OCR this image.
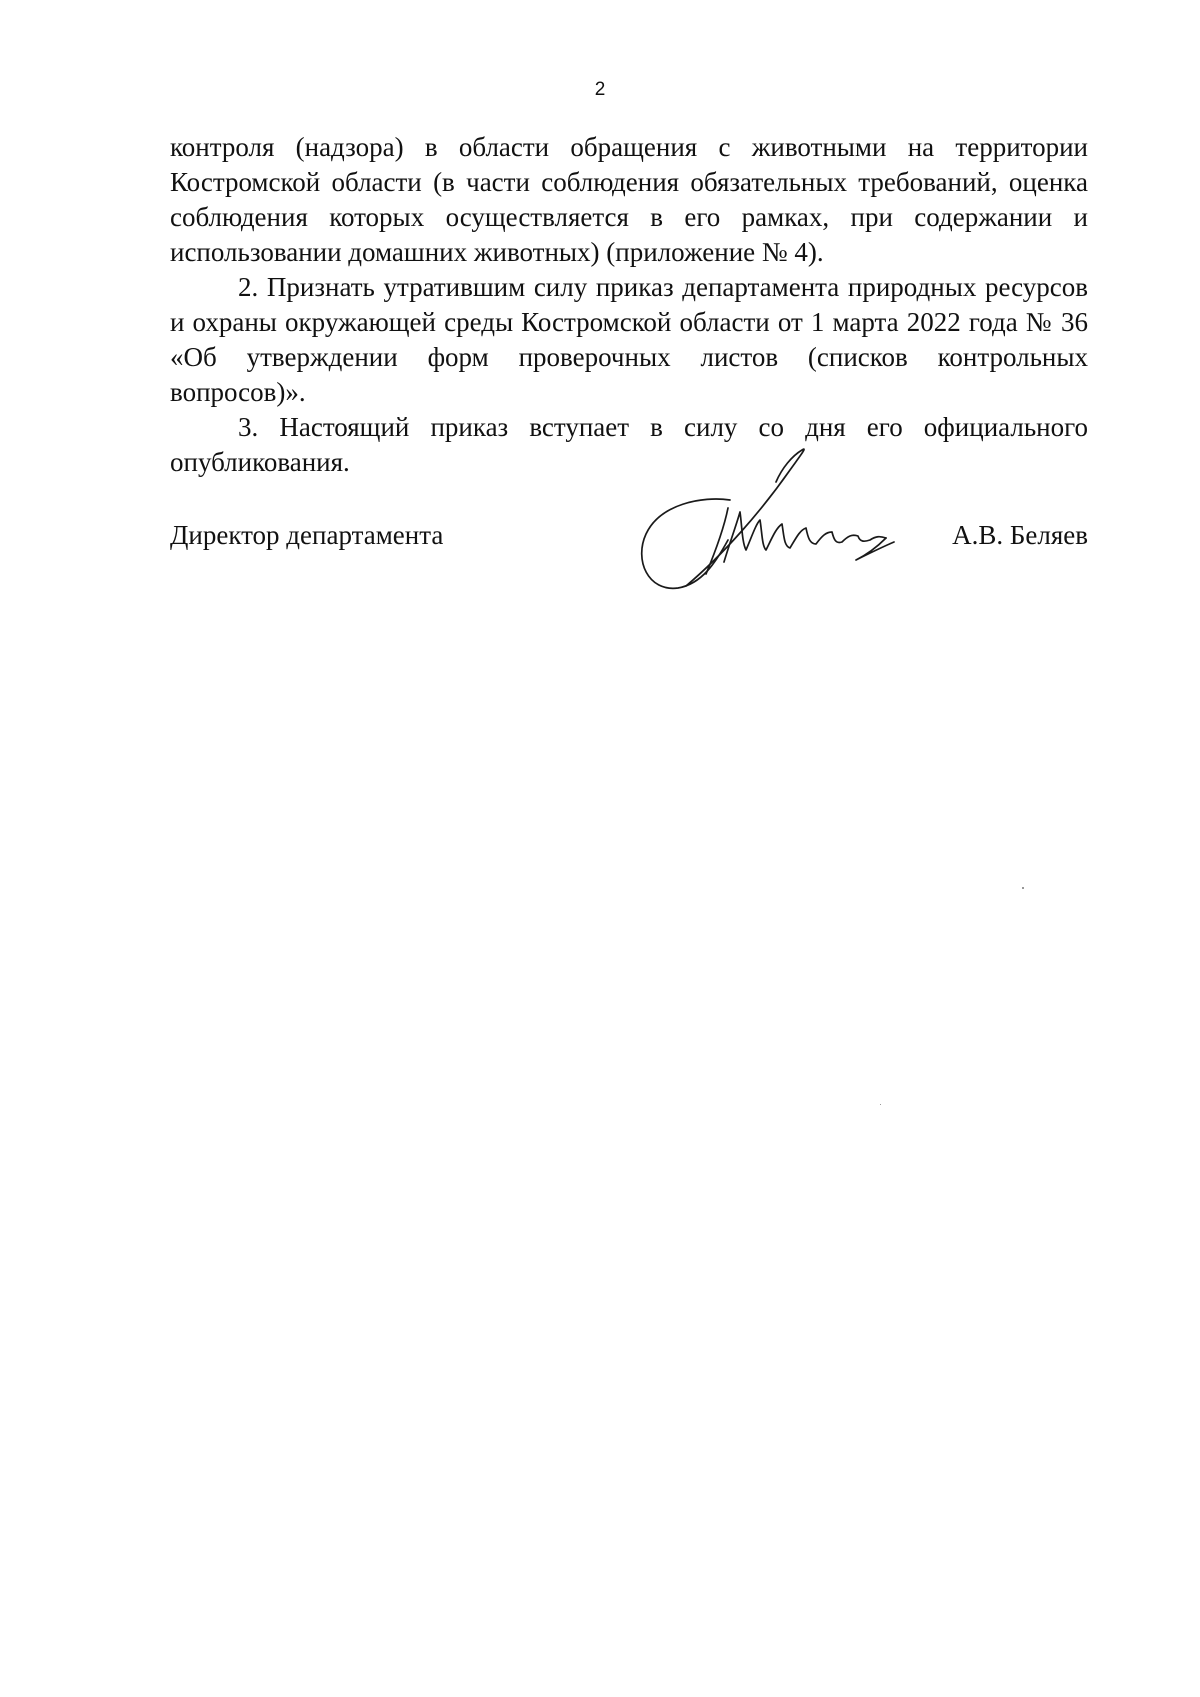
2

контроля (надзора) в области обращения с животными на территории Костромской области (в части соблюдения обязательных требований, оценка соблюдения которых осуществляется в его рамках, при содержании и использовании домашних животных) (приложение № 4).

2. Признать утратившим силу приказ департамента природных ресурсов и охраны окружающей среды Костромской области от 1 марта 2022 года № 36 «Об утверждении форм проверочных листов (списков контрольных вопросов)».

3. Настоящий приказ вступает в силу со дня его официального опубликования.

Директор департамента	А.В. Беляев
